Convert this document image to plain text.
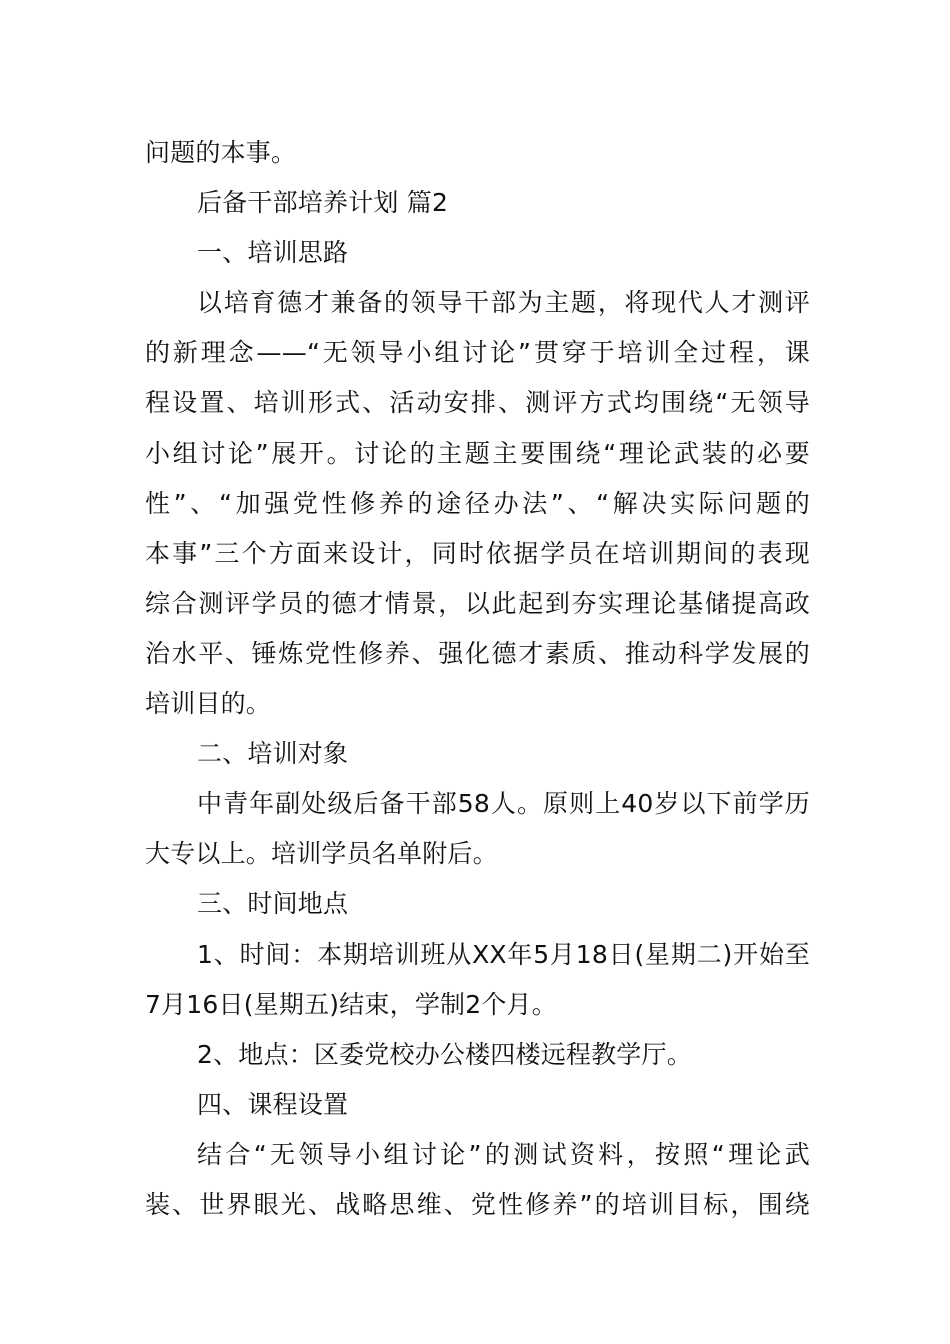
问题的本事。
后备干部培养计划 篇2
一、培训思路
以培育德才兼备的领导干部为主题，将现代人才测评
的新理念——“无领导小组讨论”贯穿于培训全过程，课
程设置、培训形式、活动安排、测评方式均围绕“无领导
小组讨论”展开。讨论的主题主要围绕“理论武装的必要
性”、“加强党性修养的途径办法”、“解决实际问题的
本事”三个方面来设计，同时依据学员在培训期间的表现
综合测评学员的德才情景，以此起到夯实理论基储提高政
治水平、锤炼党性修养、强化德才素质、推动科学发展的
培训目的。
二、培训对象
中青年副处级后备干部58人。原则上40岁以下前学历
大专以上。培训学员名单附后。
三、时间地点
1、时间：本期培训班从XX年5月18日(星期二)开始至
7月16日(星期五)结束，学制2个月。
2、地点：区委党校办公楼四楼远程教学厅。
四、课程设置
结合“无领导小组讨论”的测试资料，按照“理论武
装、世界眼光、战略思维、党性修养”的培训目标，围绕
